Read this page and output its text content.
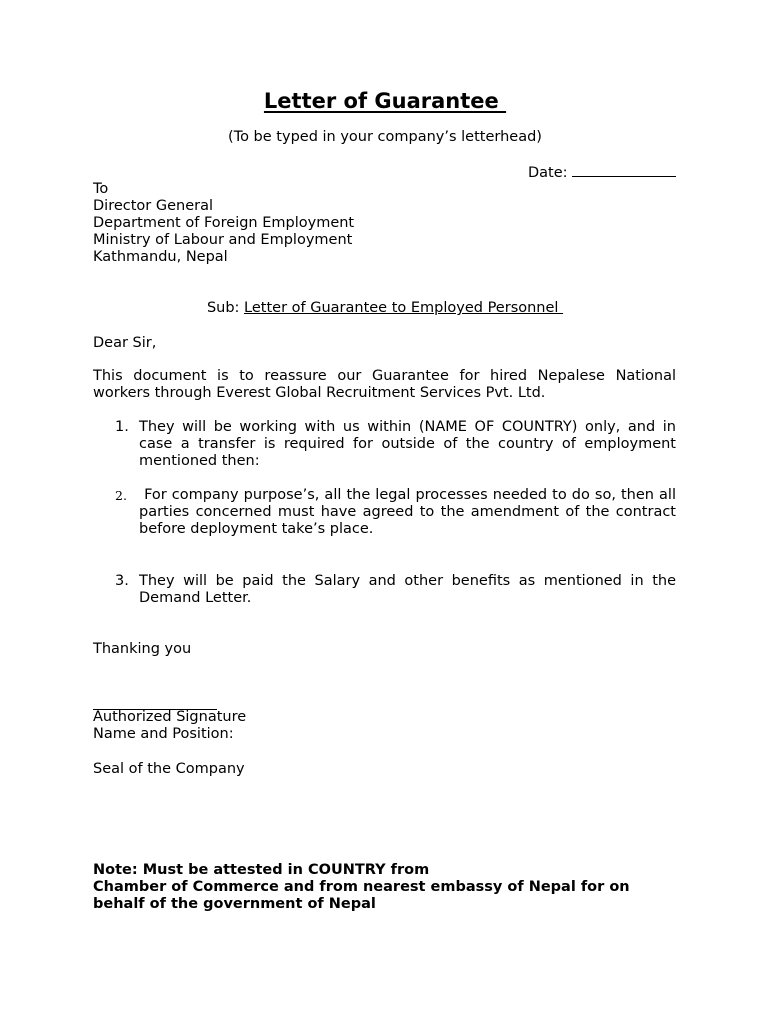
Letter of Guarantee
(To be typed in your company’s letterhead)
Date:
To
Director General
Department of Foreign Employment
Ministry of Labour and Employment
Kathmandu, Nepal
Sub: Letter of Guarantee to Employed Personnel
Dear Sir,
This document is to reassure our Guarantee for hired Nepalese National workers through Everest Global Recruitment Services Pvt. Ltd.
1. They will be working with us within (NAME OF COUNTRY) only, and in case a transfer is required for outside of the country of employment mentioned then:
2. For company purpose’s, all the legal processes needed to do so, then all parties concerned must have agreed to the amendment of the contract before deployment take’s place.
3. They will be paid the Salary and other benefits as mentioned in the Demand Letter.
Thanking you
Authorized Signature
Name and Position:
Seal of the Company
Note: Must be attested in COUNTRY from
Chamber of Commerce and from nearest embassy of Nepal for on
behalf of the government of Nepal
